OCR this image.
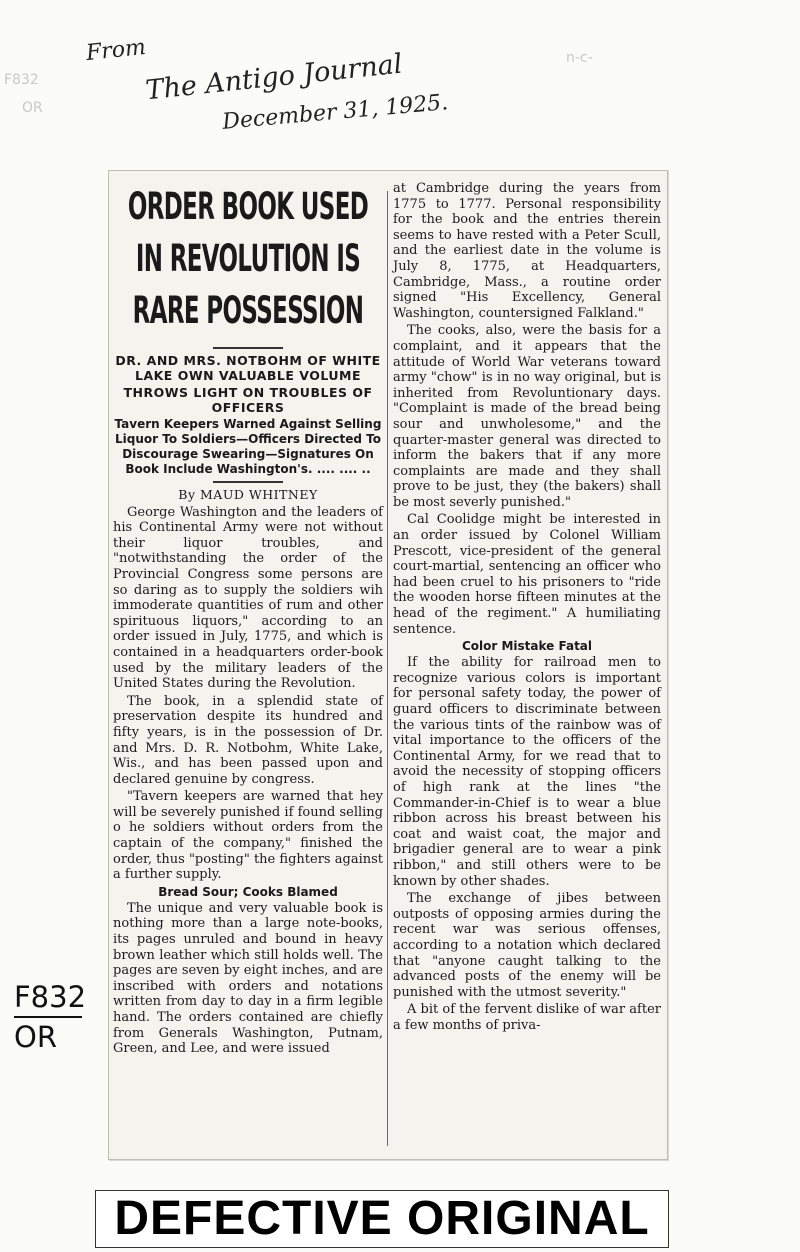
From
The Antigo Journal
December 31, 1925.
F832
OR
n-c-
ORDER BOOK USED
IN REVOLUTION IS
RARE POSSESSION
DR. AND MRS. NOTBOHM OF WHITE LAKE OWN VALUABLE VOLUME
THROWS LIGHT ON TROUBLES OF OFFICERS
Tavern Keepers Warned Against Selling Liquor To Soldiers—Officers Directed To Discourage Swearing—Signatures On Book Include Washington's. .... .... ..
By MAUD WHITNEY

George Washington and the leaders of his Continental Army were not without their liquor troubles, and "notwithstanding the order of the Provincial Congress some persons are so daring as to supply the soldiers wih immoderate quantities of rum and other spirituous liquors," according to an order issued in July, 1775, and which is contained in a headquarters order-book used by the military leaders of the United States during the Revolution.

The book, in a splendid state of preservation despite its hundred and fifty years, is in the possession of Dr. and Mrs. D. R. Notbohm, White Lake, Wis., and has been passed upon and declared genuine by congress.

"Tavern keepers are warned that hey will be severely punished if found selling o he soldiers without orders from the captain of the company," finished the order, thus "posting" the fighters against a further supply.

Bread Sour; Cooks Blamed

The unique and very valuable book is nothing more than a large note-books, its pages unruled and bound in heavy brown leather which still holds well. The pages are seven by eight inches, and are inscribed with orders and notations written from day to day in a firm legible hand. The orders contained are chiefly from Generals Washington, Putnam, Green, and Lee, and were issued

at Cambridge during the years from 1775 to 1777. Personal responsibility for the book and the entries therein seems to have rested with a Peter Scull, and the earliest date in the volume is July 8, 1775, at Headquarters, Cambridge, Mass., a routine order signed "His Excellency, General Washington, countersigned Falkland."

The cooks, also, were the basis for a complaint, and it appears that the attitude of World War veterans toward army "chow" is in no way original, but is inherited from Revoluntionary days. "Complaint is made of the bread being sour and unwholesome," and the quarter-master general was directed to inform the bakers that if any more complaints are made and they shall prove to be just, they (the bakers) shall be most severly punished."

Cal Coolidge might be interested in an order issued by Colonel William Prescott, vice-president of the general court-martial, sentencing an officer who had been cruel to his prisoners to "ride the wooden horse fifteen minutes at the head of the regiment." A humiliating sentence.

Color Mistake Fatal

If the ability for railroad men to recognize various colors is important for personal safety today, the power of guard officers to discriminate between the various tints of the rainbow was of vital importance to the officers of the Continental Army, for we read that to avoid the necessity of stopping officers of high rank at the lines "the Commander-in-Chief is to wear a blue ribbon across his breast between his coat and waist coat, the major and brigadier general are to wear a pink ribbon," and still others were to be known by other shades.

The exchange of jibes between outposts of opposing armies during the recent war was serious offenses, according to a notation which declared that "anyone caught talking to the advanced posts of the enemy will be punished with the utmost severity."

A bit of the fervent dislike of war after a few months of priva-

F832
OR
DEFECTIVE ORIGINAL
